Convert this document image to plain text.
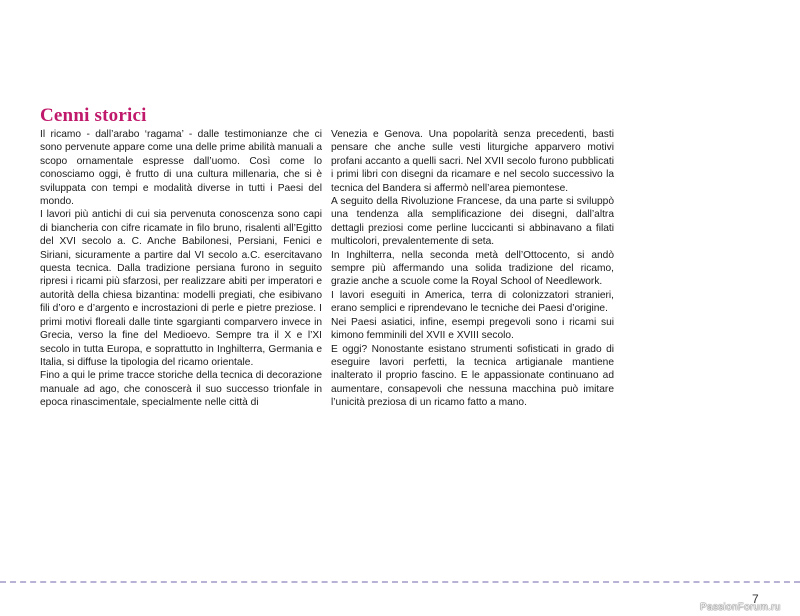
Cenni storici

Il ricamo - dall’arabo ‘ragama’ - dalle testimonianze che ci sono pervenute appare come una delle prime abilità manuali a scopo ornamentale espresse dall’uomo. Così come lo conosciamo oggi, è frutto di una cultura millenaria, che si è sviluppata con tempi e modalità diverse in tutti i Paesi del mondo.

I lavori più antichi di cui sia pervenuta conoscenza sono capi di biancheria con cifre ricamate in filo bruno, risalenti all’Egitto del XVI secolo a. C. Anche Babilonesi, Persiani, Fenici e Siriani, sicuramente a partire dal VI secolo a.C. esercitavano questa tecnica. Dalla tradizione persiana furono in seguito ripresi i ricami più sfarzosi, per realizzare abiti per imperatori e autorità della chiesa bizantina: modelli pregiati, che esibivano fili d’oro e d’argento e incrostazioni di perle e pietre preziose. I primi motivi floreali dalle tinte sgargianti comparvero invece in Grecia, verso la fine del Medioevo. Sempre tra il X e l’XI secolo in tutta Europa, e soprattutto in Inghilterra, Germania e Italia, si diffuse la tipologia del ricamo orientale.

Fino a qui le prime tracce storiche della tecnica di decorazione manuale ad ago, che conoscerà il suo successo trionfale in epoca rinascimentale, specialmente nelle città di

Venezia e Genova. Una popolarità senza precedenti, basti pensare che anche sulle vesti liturgiche apparvero motivi profani accanto a quelli sacri. Nel XVII secolo furono pubblicati i primi libri con disegni da ricamare e nel secolo successivo la tecnica del Bandera si affermò nell’area piemontese.

A seguito della Rivoluzione Francese, da una parte si sviluppò una tendenza alla semplificazione dei disegni, dall’altra dettagli preziosi come perline luccicanti si abbinavano a filati multicolori, prevalentemente di seta.

In Inghilterra, nella seconda metà dell’Ottocento, si andò sempre più affermando una solida tradizione del ricamo, grazie anche a scuole come la Royal School of Needlework.

I lavori eseguiti in America, terra di colonizzatori stranieri, erano semplici e riprendevano le tecniche dei Paesi d’origine.

Nei Paesi asiatici, infine, esempi pregevoli sono i ricami sui kimono femminili del XVII e XVIII secolo.

E oggi? Nonostante esistano strumenti sofisticati in grado di eseguire lavori perfetti, la tecnica artigianale mantiene inalterato il proprio fascino. E le appassionate continuano ad aumentare, consapevoli che nessuna macchina può imitare l’unicità preziosa di un ricamo fatto a mano.

7
PassionForum.ru
